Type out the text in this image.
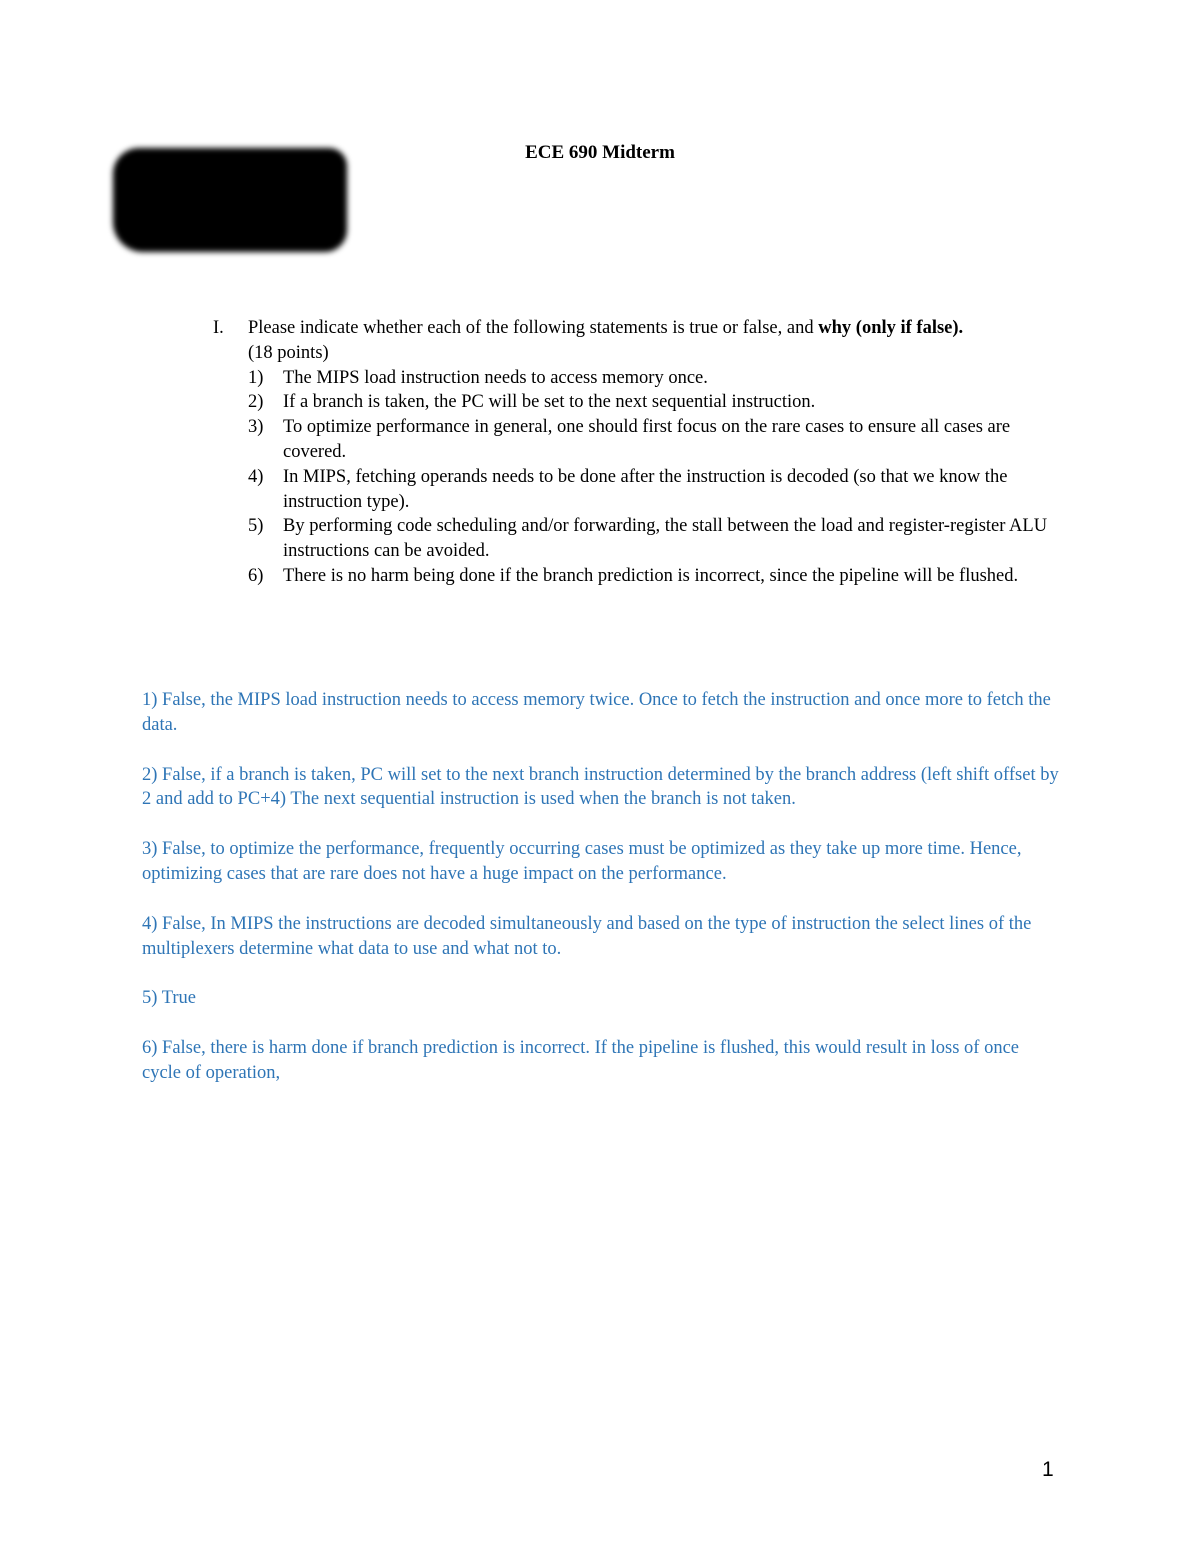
ECE 690 Midterm
I.	Please indicate whether each of the following statements is true or false, and why (only if false).
(18 points)
1)	The MIPS load instruction needs to access memory once.
2)	If a branch is taken, the PC will be set to the next sequential instruction.
3)	To optimize performance in general, one should first focus on the rare cases to ensure all cases are covered.
4)	In MIPS, fetching operands needs to be done after the instruction is decoded (so that we know the instruction type).
5)	By performing code scheduling and/or forwarding, the stall between the load and register-register ALU instructions can be avoided.
6)	There is no harm being done if the branch prediction is incorrect, since the pipeline will be flushed.

1) False, the MIPS load instruction needs to access memory twice. Once to fetch the instruction and once more to fetch the data.

2) False, if a branch is taken, PC will set to the next branch instruction determined by the branch address (left shift offset by 2 and add to PC+4) The next sequential instruction is used when the branch is not taken.

3) False, to optimize the performance, frequently occurring cases must be optimized as they take up more time. Hence, optimizing cases that are rare does not have a huge impact on the performance.

4) False, In MIPS the instructions are decoded simultaneously and based on the type of instruction the select lines of the multiplexers determine what data to use and what not to.

5) True

6) False, there is harm done if branch prediction is incorrect. If the pipeline is flushed, this would result in loss of once cycle of operation,

1
